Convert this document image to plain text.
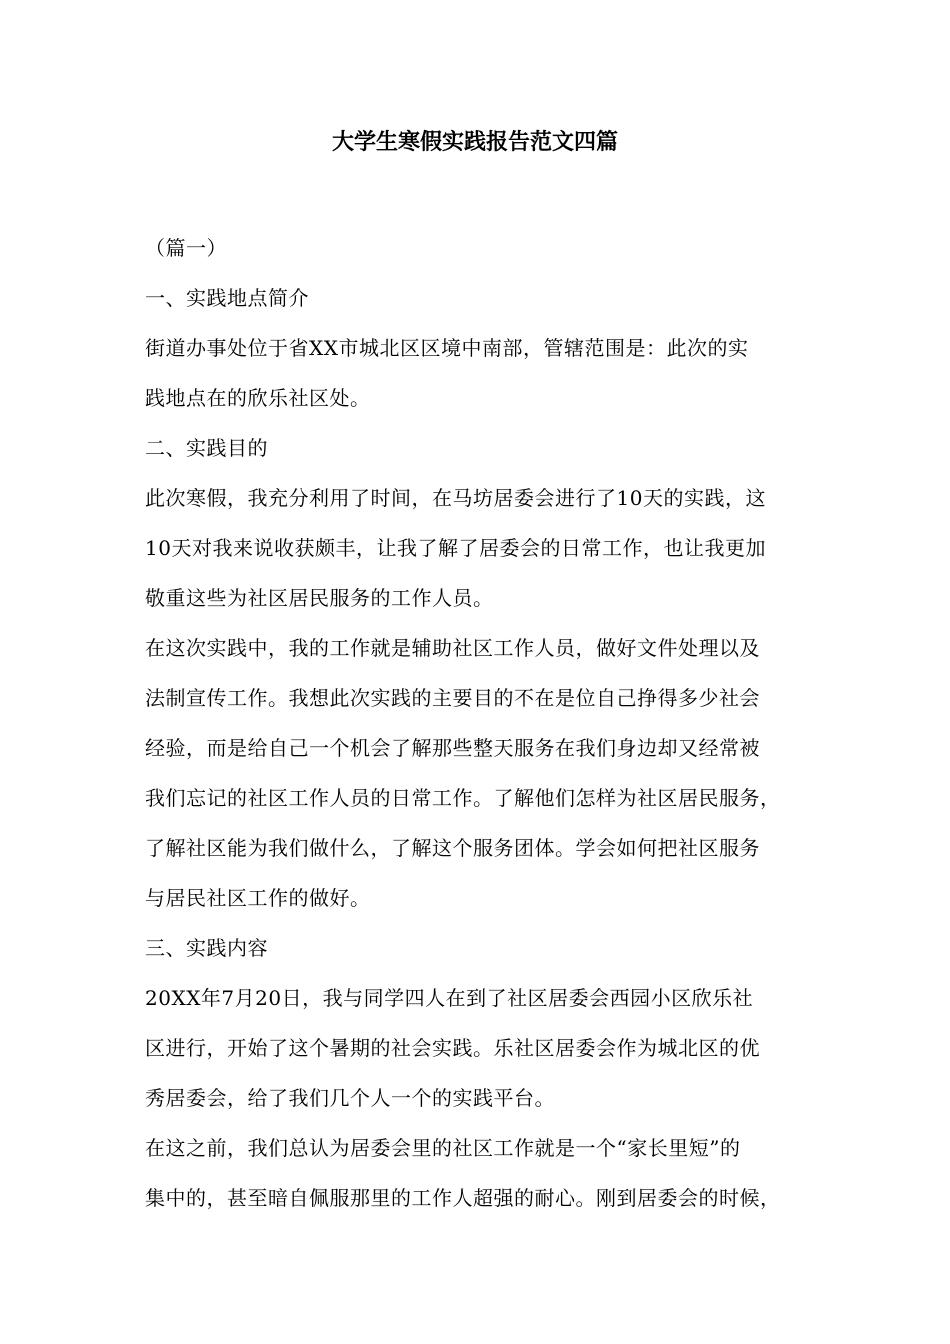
大学生寒假实践报告范文四篇

（篇一）

一、实践地点简介

街道办事处位于省XX市城北区区境中南部，管辖范围是：此次的实
践地点在的欣乐社区处。

二、实践目的

此次寒假，我充分利用了时间，在马坊居委会进行了10天的实践，这
10天对我来说收获颇丰，让我了解了居委会的日常工作，也让我更加
敬重这些为社区居民服务的工作人员。

在这次实践中，我的工作就是辅助社区工作人员，做好文件处理以及
法制宣传工作。我想此次实践的主要目的不在是位自己挣得多少社会
经验，而是给自己一个机会了解那些整天服务在我们身边却又经常被
我们忘记的社区工作人员的日常工作。了解他们怎样为社区居民服务，
了解社区能为我们做什么，了解这个服务团体。学会如何把社区服务
与居民社区工作的做好。

三、实践内容

20XX年7月20日，我与同学四人在到了社区居委会西园小区欣乐社
区进行，开始了这个暑期的社会实践。乐社区居委会作为城北区的优
秀居委会，给了我们几个人一个的实践平台。

在这之前，我们总认为居委会里的社区工作就是一个“家长里短”的
集中的，甚至暗自佩服那里的工作人超强的耐心。刚到居委会的时候，
